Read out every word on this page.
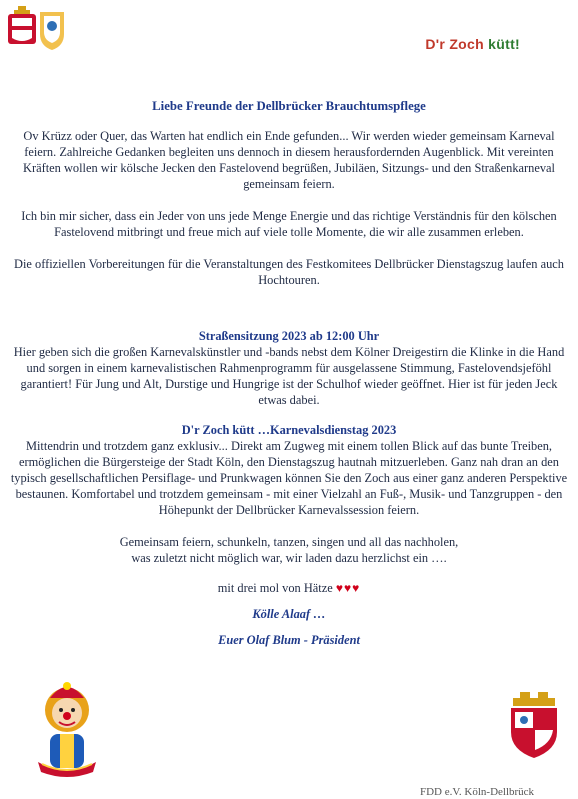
D'r Zoch kütt!

Liebe Freunde der Dellbrücker Brauchtumspflege

Ov Krüzz oder Quer, das Warten hat endlich ein Ende gefunden... Wir werden wieder gemeinsam Karneval feiern. Zahlreiche Gedanken begleiten uns dennoch in diesem herausfordernden Augenblick. Mit vereinten Kräften wollen wir kölsche Jecken den Fastelovend begrüßen, Jubiläen, Sitzungs- und den Straßenkarneval gemeinsam feiern.

Ich bin mir sicher, dass ein Jeder von uns jede Menge Energie und das richtige Verständnis für den kölschen Fastelovend mitbringt und freue mich auf viele tolle Momente, die wir alle zusammen erleben.

Die offiziellen Vorbereitungen für die Veranstaltungen des Festkomitees Dellbrücker Dienstagszug laufen auch Hochtouren.

Straßensitzung 2023 ab 12:00 Uhr

Hier geben sich die großen Karnevalskünstler und -bands nebst dem Kölner Dreigestirn die Klinke in die Hand und sorgen in einem karnevalistischen Rahmenprogramm für ausgelassene Stimmung, Fastelovendsjeföhl garantiert! Für Jung und Alt, Durstige und Hungrige ist der Schulhof wieder geöffnet. Hier ist für jeden Jeck etwas dabei.

D'r Zoch kütt …Karnevalsdienstag 2023

Mittendrin und trotzdem ganz exklusiv... Direkt am Zugweg mit einem tollen Blick auf das bunte Treiben, ermöglichen die Bürgersteige der Stadt Köln, den Dienstagszug hautnah mitzuerleben. Ganz nah dran an den typisch gesellschaftlichen Persiflage- und Prunkwagen können Sie den Zoch aus einer ganz anderen Perspektive bestaunen. Komfortabel und trotzdem gemeinsam - mit einer Vielzahl an Fuß-, Musik- und Tanzgruppen - den Höhepunkt der Dellbrücker Karnevalssession feiern.

Gemeinsam feiern, schunkeln, tanzen, singen und all das nachholen,

was zuletzt nicht möglich war, wir laden dazu herzlichst ein ….

mit drei mol von Hätze ♥♥♥

Kölle Alaaf …

Euer Olaf Blum - Präsident

FDD e.V. Köln-Dellbrück
